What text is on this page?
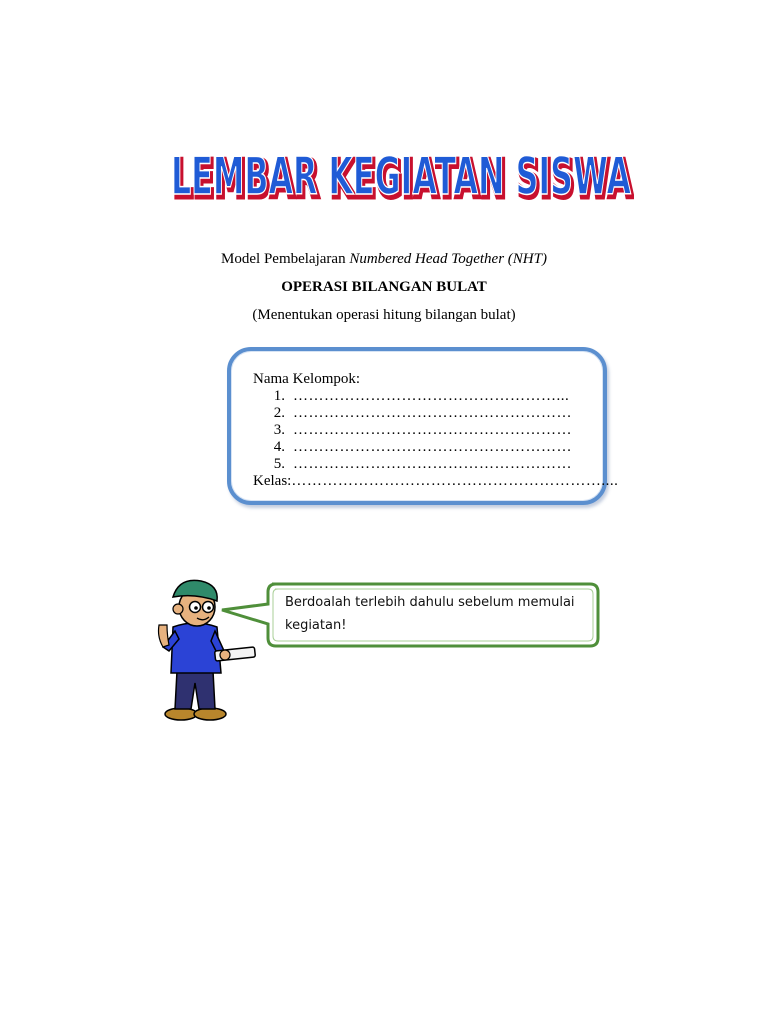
LEMBAR KEGIATAN SISWA
LEMBAR KEGIATAN SISWA
Model Pembelajaran Numbered Head Together (NHT)
OPERASI BILANGAN BULAT
(Menentukan operasi hitung bilangan bulat)
Nama Kelompok:
1. ……………………………………………...
2. ………………………………………………
3. ………………………………………………
4. ………………………………………………
5. ………………………………………………
Kelas:……………………………………………………....
Berdoalah terlebih dahulu sebelum memulai kegiatan!
